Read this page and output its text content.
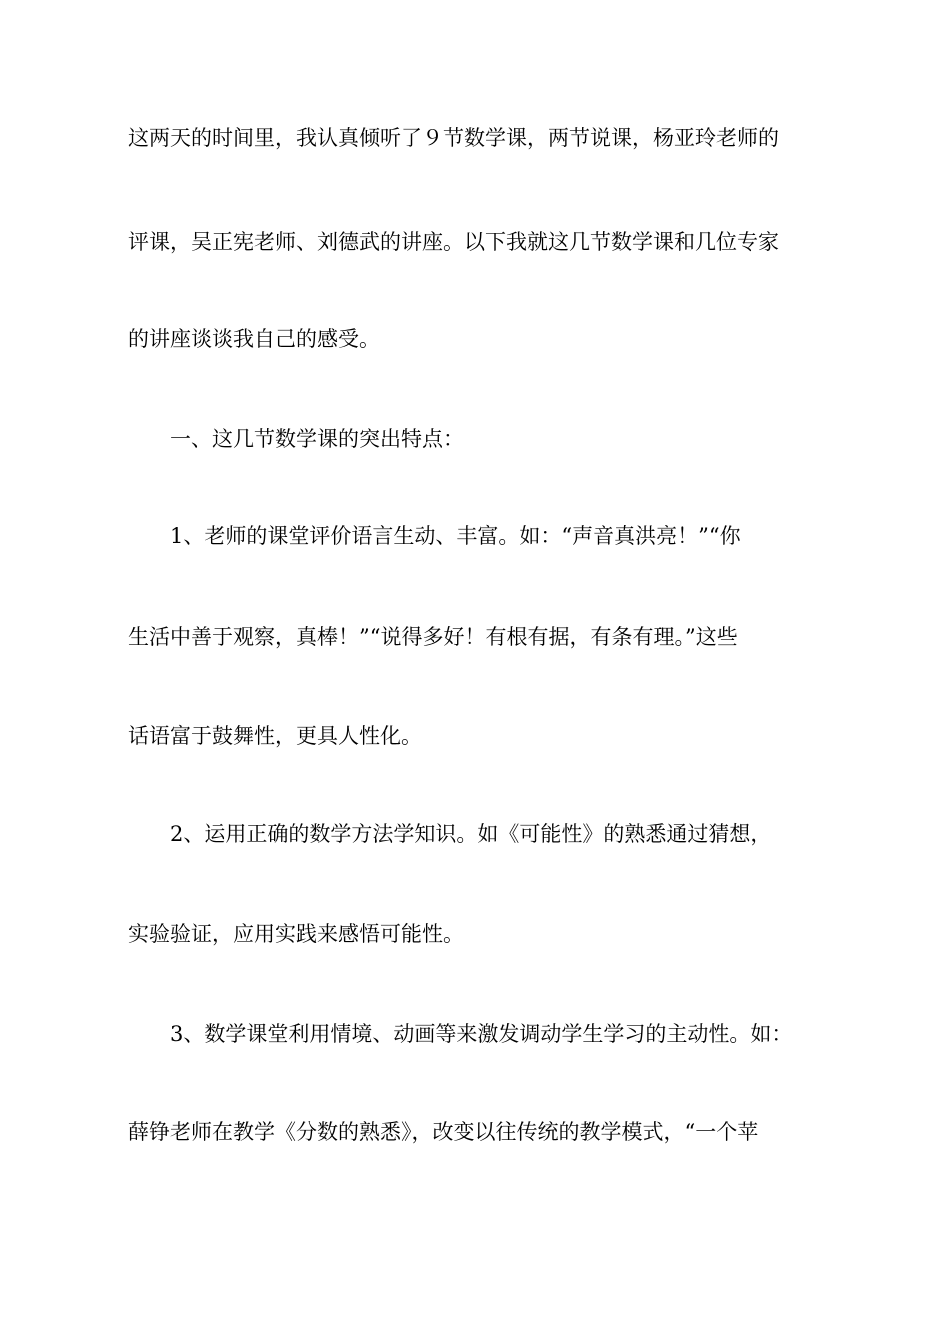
这两天的时间里，我认真倾听了９节数学课，两节说课，杨亚玲老师的

评课，吴正宪老师、刘德武的讲座。以下我就这几节数学课和几位专家

的讲座谈谈我自己的感受。

一、这几节数学课的突出特点：

1、老师的课堂评价语言生动、丰富。如：“声音真洪亮！”“你

生活中善于观察，真棒！”“说得多好！有根有据，有条有理。”这些

话语富于鼓舞性，更具人性化。

2、运用正确的数学方法学知识。如《可能性》的熟悉通过猜想，

实验验证，应用实践来感悟可能性。

3、数学课堂利用情境、动画等来激发调动学生学习的主动性。如：

薛铮老师在教学《分数的熟悉》，改变以往传统的教学模式，“一个苹
